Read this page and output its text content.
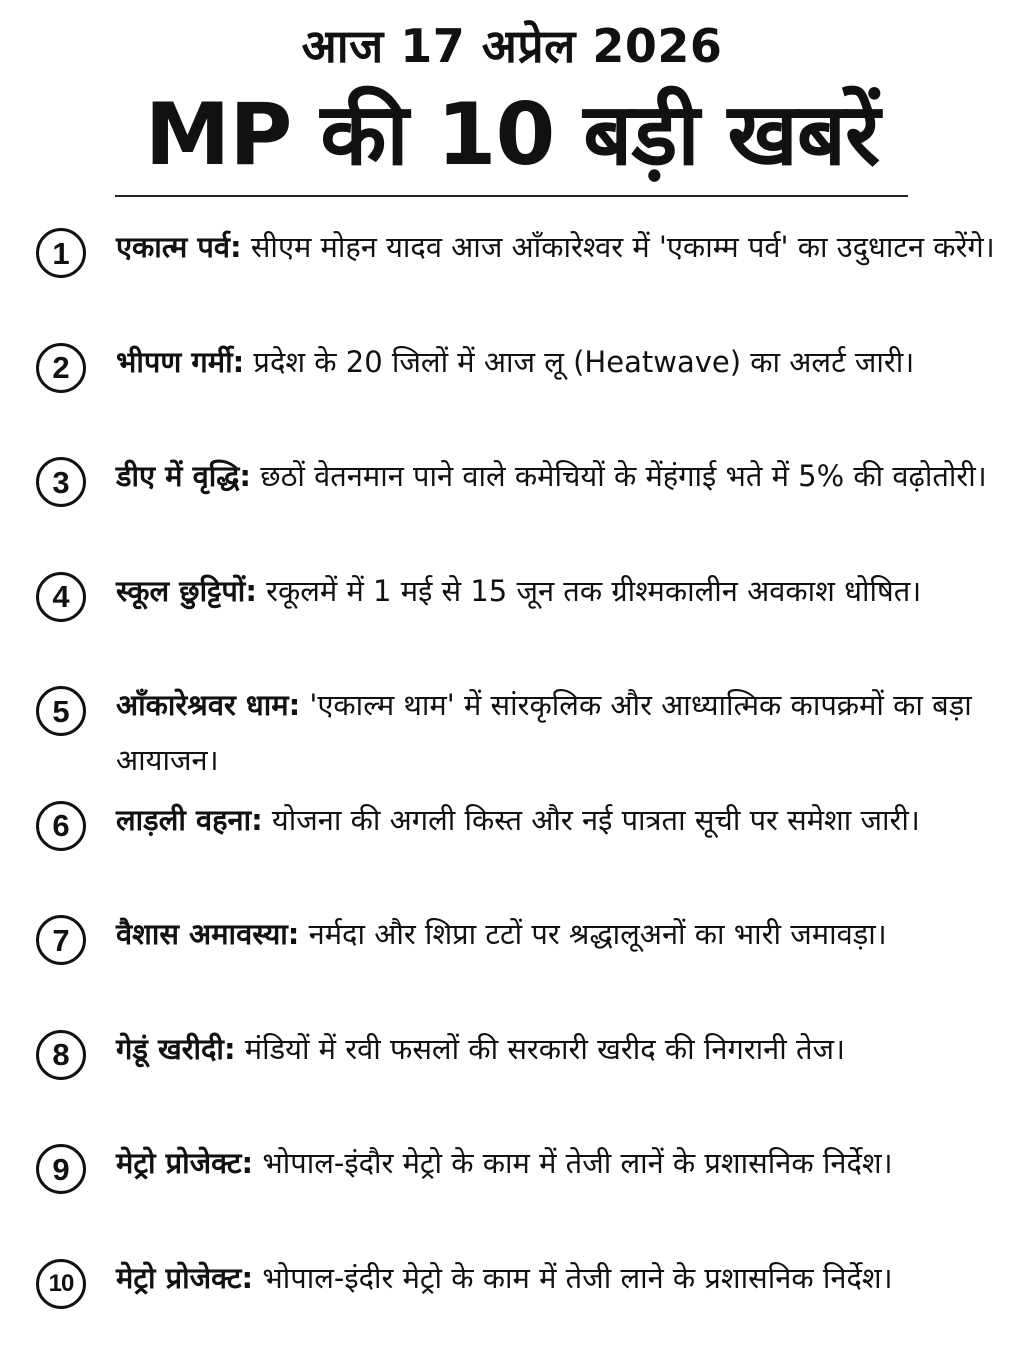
आज 17 अप्रेल 2026
MP की 10 बड़ी खबरें
1	एकात्म पर्व: सीएम मोहन यादव आज ऑंकारेश्वर में 'एकाम्म पर्व' का उदुधाटन करेंगे।

2	भीपण गर्मी: प्रदेश के 20 जिलों में आज लू (Heatwave) का अलर्ट जारी।

3	डीए में वृद्धि: छठों वेतनमान पाने वाले कमेचियों के मेंहंगाई भते में 5% की वढ़ोतोरी।

4	स्कूल छुट्टिपों: रकूलमें में 1 मई से 15 जून तक ग्रीश्मकालीन अवकाश धोषित।

5	ऑंकारेश्रवर धाम: 'एकाल्म थाम' में सांरकृलिक और आध्यात्मिक कापक्रमों का बड़ा आयाजन।

6	लाड़ली वहना: योजना की अगली किस्त और नई पात्रता सूची पर समेशा जारी।

7	वैशास अमावस्या: नर्मदा और शिप्रा टटों पर श्रद्धालूअनों का भारी जमावड़ा।

8	गेडूं खरीदी: मंडियों में रवी फसलों की सरकारी खरीद की निगरानी तेज।

9	मेट्रो प्रोजेक्ट: भोपाल-इंदौर मेट्रो के काम में तेजी लानें के प्रशासनिक निर्देश।

10	मेट्रो प्रोजेक्ट: भोपाल-इंदीर मेट्रो के काम में तेजी लाने के प्रशासनिक निर्देश।
